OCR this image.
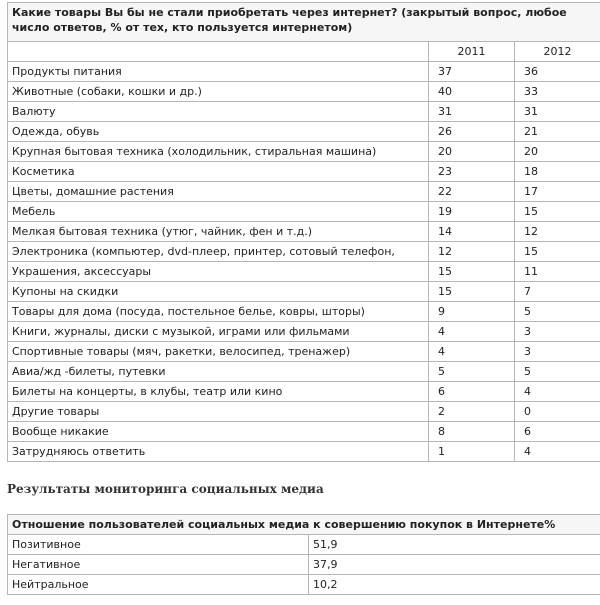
Какие товары Вы бы не стали приобретать через интернет? (закрытый вопрос, любое число ответов, % от тех, кто пользуется интернетом)		
	2011	2012
Продукты питания	37	36
Животные (собаки, кошки и др.)	40	33
Валюту	31	31
Одежда, обувь	26	21
Крупная бытовая техника (холодильник, стиральная машина)	20	20
Косметика	23	18
Цветы, домашние растения	22	17
Мебель	19	15
Мелкая бытовая техника (утюг, чайник, фен и т.д.)	14	12
Электроника (компьютер, dvd-плеер, принтер, сотовый телефон,	12	15
Украшения, аксессуары	15	11
Купоны на скидки	15	7
Товары для дома (посуда, постельное белье, ковры, шторы)	9	5
Книги, журналы, диски с музыкой, играми или фильмами	4	3
Спортивные товары (мяч, ракетки, велосипед, тренажер)	4	3
Авиа/жд -билеты, путевки	5	5
Билеты на концерты, в клубы, театр или кино	6	4
Другие товары	2	0
Вообще никакие	8	6
Затрудняюсь ответить	1	4
Результаты мониторинга социальных медиа
Отношение пользователей социальных медиа к совершению покупок в Интернете%	
Позитивное	51,9
Негативное	37,9
Нейтральное	10,2
